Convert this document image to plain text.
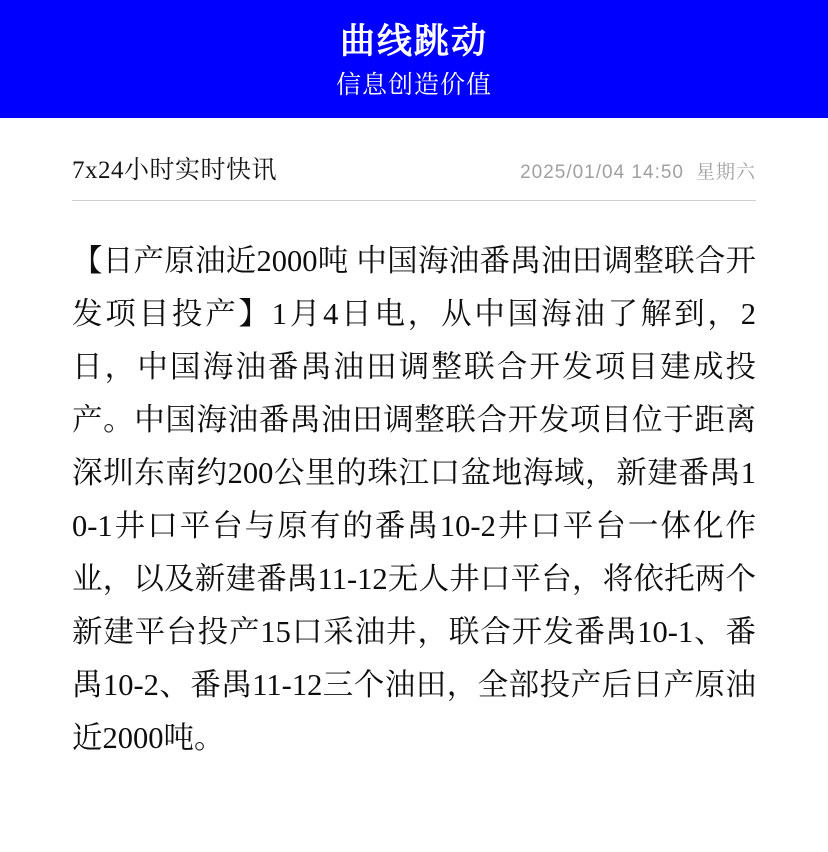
曲线跳动
信息创造价值
7x24小时实时快讯	2025/01/04 14:50 星期六
【日产原油近2000吨 中国海油番禺油田调整联合开发项目投产】1月4日电，从中国海油了解到，2日，中国海油番禺油田调整联合开发项目建成投产。中国海油番禺油田调整联合开发项目位于距离深圳东南约200公里的珠江口盆地海域，新建番禺10-1井口平台与原有的番禺10-2井口平台一体化作业，以及新建番禺11-12无人井口平台，将依托两个新建平台投产15口采油井，联合开发番禺10-1、番禺10-2、番禺11-12三个油田，全部投产后日产原油近2000吨。
